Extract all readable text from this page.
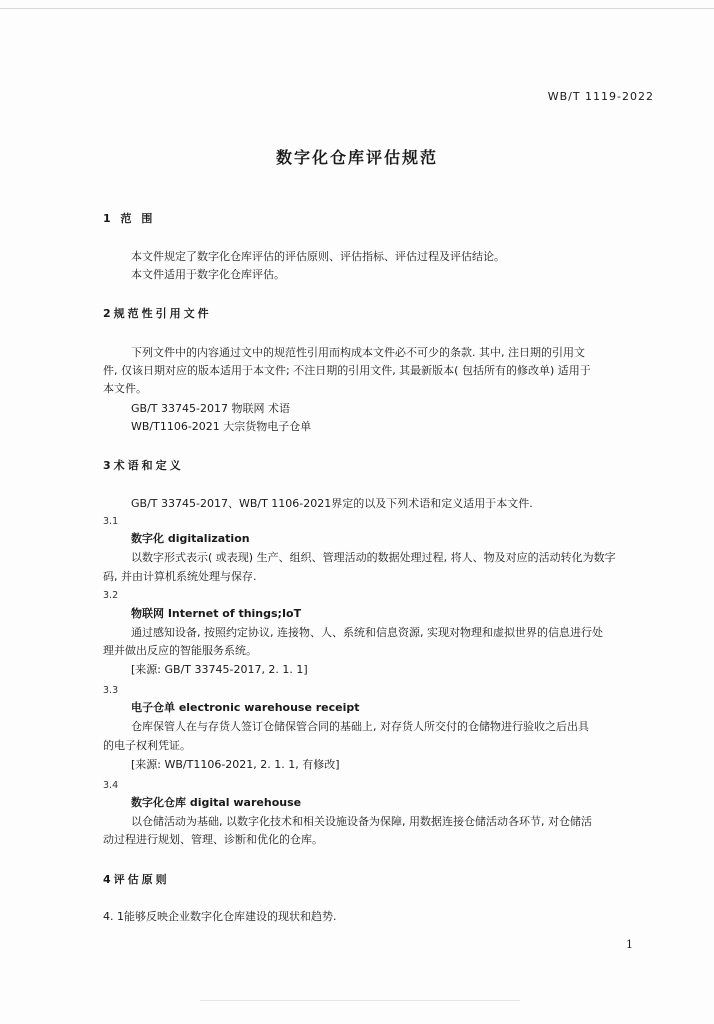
WB/T 1119-2022
数字化仓库评估规范
1 范 围
本文件规定了数字化仓库评估的评估原则、评估指标、评估过程及评估结论。
本文件适用于数字化仓库评估。
2规范性引用文件
下列文件中的内容通过文中的规范性引用而构成本文件必不可少的条款. 其中, 注日期的引用文
件, 仅该日期对应的版本适用于本文件; 不注日期的引用文件, 其最新版本( 包括所有的修改单) 适用于
本文件。
GB/T 33745-2017 物联网 术语
WB/T1106-2021 大宗货物电子仓单
3术语和定义
GB/T 33745-2017、WB/T 1106-2021界定的以及下列术语和定义适用于本文件.
3.1
数字化 digitalization
以数字形式表示( 或表现) 生产、组织、管理活动的数据处理过程, 将人、物及对应的活动转化为数字
码, 并由计算机系统处理与保存.
3.2
物联网 Internet of things;IoT
通过感知设备, 按照约定协议, 连接物、人、系统和信息资源, 实现对物理和虚拟世界的信息进行处
理并做出反应的智能服务系统。
[来源: GB/T 33745-2017, 2. 1. 1]
3.3
电子仓单 electronic warehouse receipt
仓库保管人在与存货人签订仓储保管合同的基础上, 对存货人所交付的仓储物进行验收之后出具
的电子权利凭证。
[来源: WB/T1106-2021, 2. 1. 1, 有修改]
3.4
数字化仓库 digital warehouse
以仓储活动为基础, 以数字化技术和相关设施设备为保障, 用数据连接仓储活动各环节, 对仓储活
动过程进行规划、管理、诊断和优化的仓库。
4评估原则
4. 1能够反映企业数字化仓库建设的现状和趋势.
1
